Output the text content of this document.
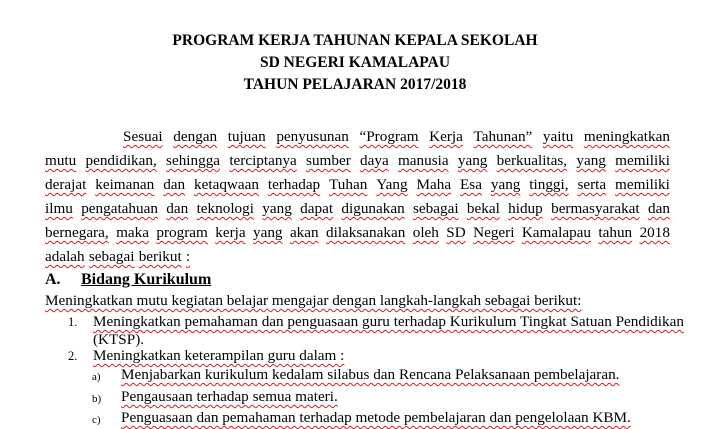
PROGRAM KERJA TAHUNAN KEPALA SEKOLAH
SD NEGERI KAMALAPAU
TAHUN PELAJARAN 2017/2018
Sesuai dengan tujuan penyusunan “Program Kerja Tahunan” yaitu meningkatkan
mutu pendidikan, sehingga terciptanya sumber daya manusia yang berkualitas, yang memiliki
derajat keimanan dan ketaqwaan terhadap Tuhan Yang Maha Esa yang tinggi, serta memiliki
ilmu pengatahuan dan teknologi yang dapat digunakan sebagai bekal hidup bermasyarakat dan
bernegara, maka program kerja yang akan dilaksanakan oleh SD Negeri Kamalapau tahun 2018
adalah sebagai berikut :
A. Bidang Kurikulum
Meningkatkan mutu kegiatan belajar mengajar dengan langkah-langkah sebagai berikut:
1. Meningkatkan pemahaman dan penguasaan guru terhadap Kurikulum Tingkat Satuan Pendidikan
(KTSP).
2. Meningkatkan keterampilan guru dalam :
a) Menjabarkan kurikulum kedalam silabus dan Rencana Pelaksanaan pembelajaran.
b) Pengausaan terhadap semua materi.
c) Penguasaan dan pemahaman terhadap metode pembelajaran dan pengelolaan KBM.
